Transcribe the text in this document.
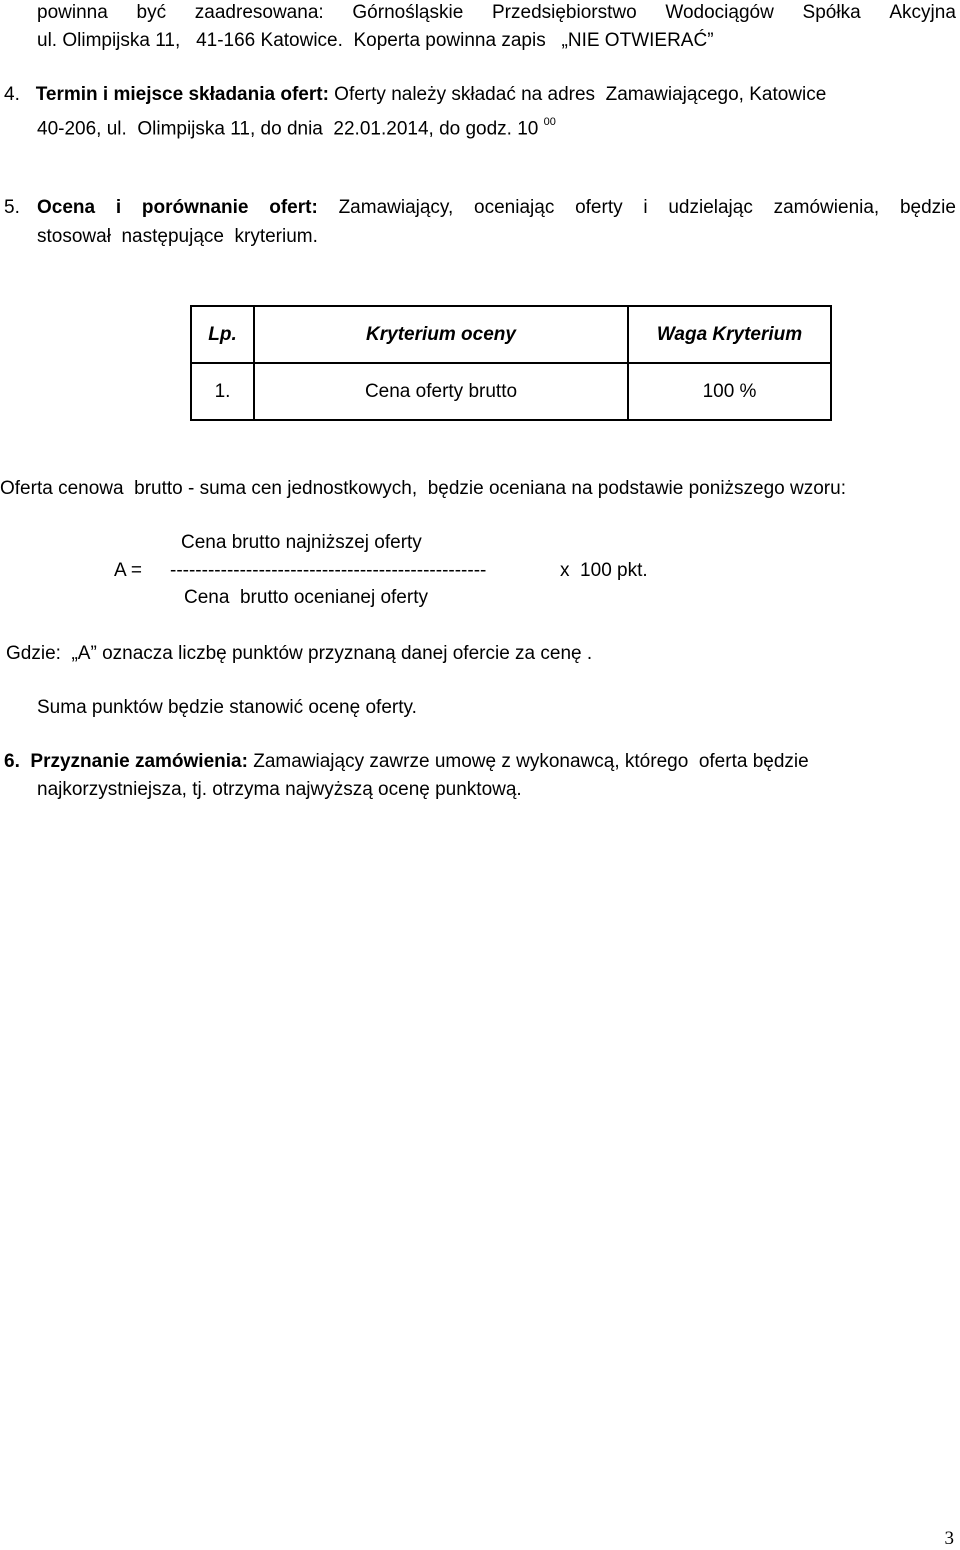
powinna być zaadresowana: Górnośląskie Przedsiębiorstwo Wodociągów Spółka Akcyjna
ul. Olimpijska 11,   41-166 Katowice.  Koperta powinna zapis   „NIE OTWIERAĆ”
4. Termin i miejsce składania ofert: Oferty należy składać na adres  Zamawiającego, Katowice
40-206, ul.  Olimpijska 11, do dnia  22.01.2014, do godz. 10 $^{00}$
5. Ocena i porównanie ofert: Zamawiający, oceniając oferty i udzielając zamówienia, będzie
stosował  następujące  kryterium.
Lp.	Kryterium oceny	Waga Kryterium
1.	Cena oferty brutto	100 %
Oferta cenowa  brutto - suma cen jednostkowych,  będzie oceniana na podstawie poniższego wzoru:
Cena brutto najniższej oferty
A = --------------------------------------------------	x  100 pkt.
Cena  brutto ocenianej oferty
Gdzie:  „A” oznacza liczbę punktów przyznaną danej ofercie za cenę .
Suma punktów będzie stanowić ocenę oferty.
6. Przyznanie zamówienia: Zamawiający zawrze umowę z wykonawcą, którego  oferta będzie
najkorzystniejsza, tj. otrzyma najwyższą ocenę punktową.
3
